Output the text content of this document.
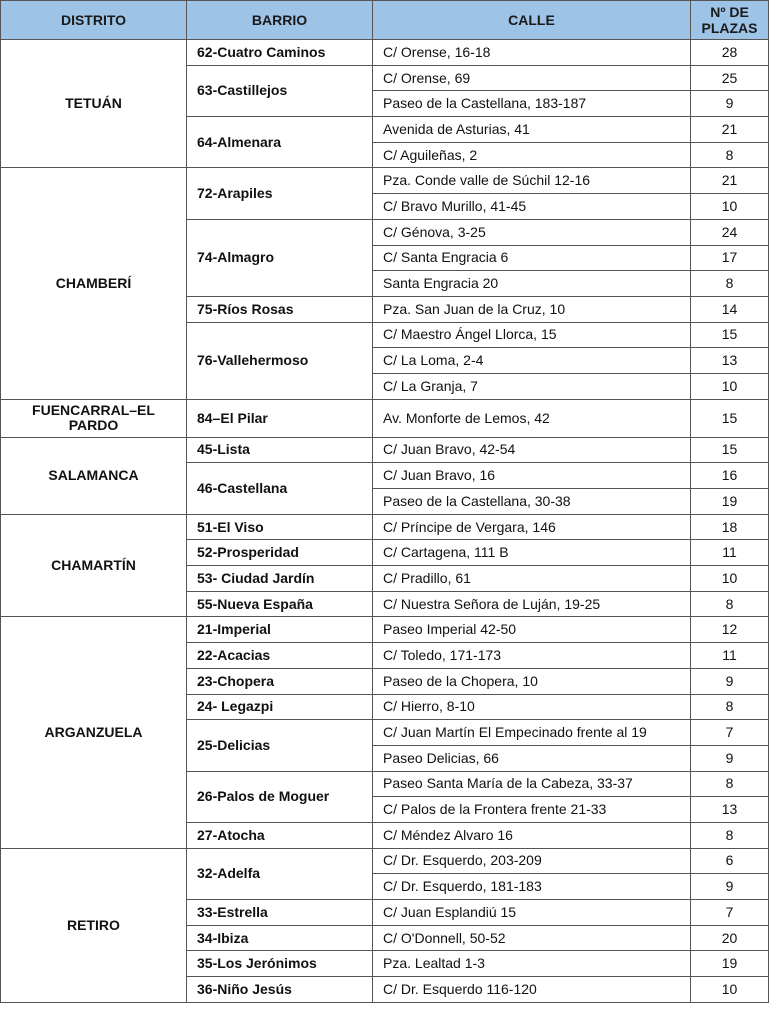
DISTRITO	BARRIO	CALLE	Nº DE
PLAZAS
TETUÁN	62-Cuatro Caminos	C/ Orense, 16-18	28
	63-Castillejos	C/ Orense, 69	25
		Paseo de la Castellana, 183-187	9
	64-Almenara	Avenida de Asturias, 41	21
		C/ Aguileñas, 2	8
CHAMBERÍ	72-Arapiles	Pza. Conde valle de Súchil 12-16	21
		C/ Bravo Murillo, 41-45	10
	74-Almagro	C/ Génova, 3-25	24
		C/ Santa Engracia 6	17
		Santa Engracia 20	8
	75-Ríos Rosas	Pza. San Juan de la Cruz, 10	14
	76-Vallehermoso	C/ Maestro Ángel Llorca, 15	15
		C/ La Loma, 2-4	13
		C/ La Granja, 7	10
FUENCARRAL–EL PARDO	84–El Pilar	Av. Monforte de Lemos, 42	15
SALAMANCA	45-Lista	C/ Juan Bravo, 42-54	15
	46-Castellana	C/ Juan Bravo, 16	16
		Paseo de la Castellana, 30-38	19
CHAMARTÍN	51-El Viso	C/ Príncipe de Vergara, 146	18
	52-Prosperidad	C/ Cartagena, 111 B	11
	53- Ciudad Jardín	C/ Pradillo, 61	10
	55-Nueva España	C/ Nuestra Señora de Luján, 19-25	8
ARGANZUELA	21-Imperial	Paseo Imperial 42-50	12
	22-Acacias	C/ Toledo, 171-173	11
	23-Chopera	Paseo de la Chopera, 10	9
	24- Legazpi	C/ Hierro, 8-10	8
	25-Delicias	C/ Juan Martín El Empecinado frente al 19	7
		Paseo Delicias, 66	9
	26-Palos de Moguer	Paseo Santa María de la Cabeza, 33-37	8
		C/ Palos de la Frontera frente 21-33	13
	27-Atocha	C/ Méndez Alvaro 16	8
RETIRO	32-Adelfa	C/ Dr. Esquerdo, 203-209	6
		C/ Dr. Esquerdo, 181-183	9
	33-Estrella	C/ Juan Esplandiú 15	7
	34-Ibiza	C/ O'Donnell, 50-52	20
	35-Los Jerónimos	Pza. Lealtad 1-3	19
	36-Niño Jesús	C/ Dr. Esquerdo 116-120	10
